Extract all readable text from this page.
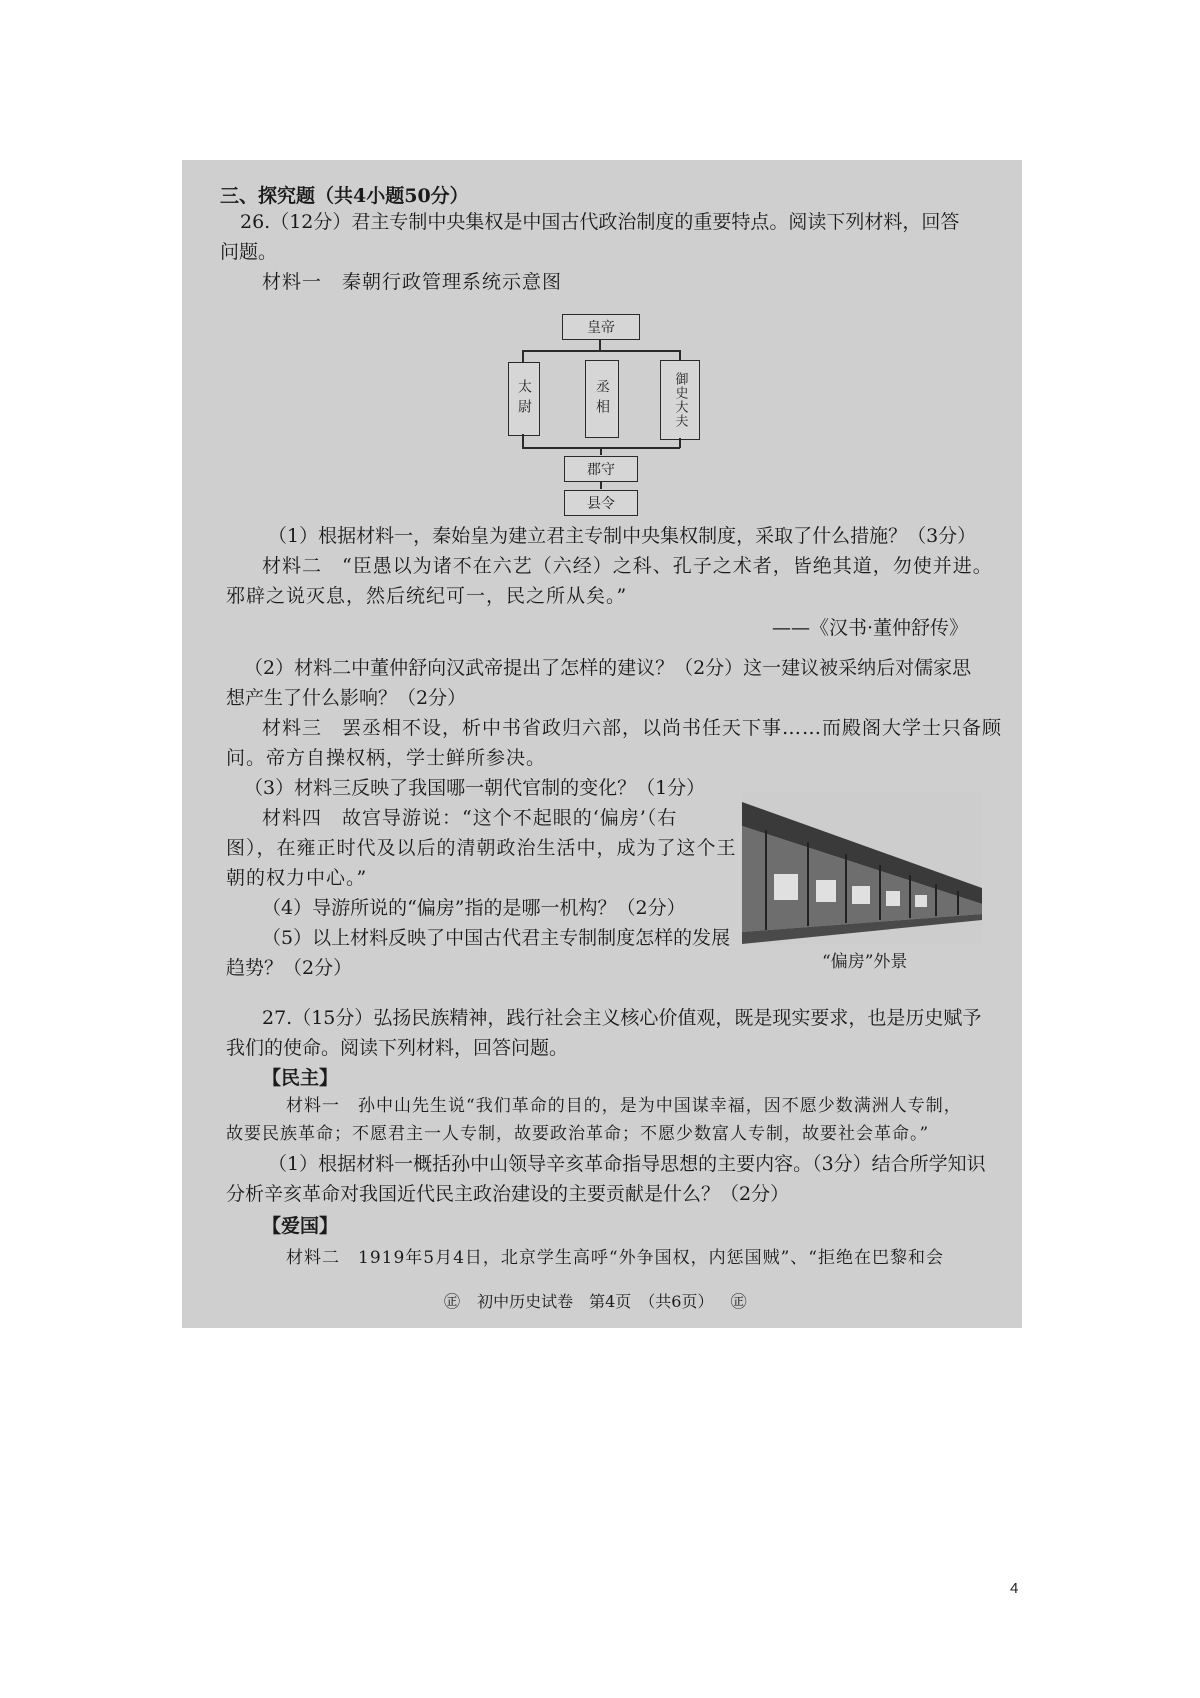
三、探究题（共4小题50分）
26.（12分）君主专制中央集权是中国古代政治制度的重要特点。阅读下列材料，回答
问题。
材料一　秦朝行政管理系统示意图
皇帝
太尉	丞相	御史大夫
郡守
县令
（1）根据材料一，秦始皇为建立君主专制中央集权制度，采取了什么措施？（3分）
材料二　“臣愚以为诸不在六艺（六经）之科、孔子之术者，皆绝其道，勿使并进。
邪辟之说灭息，然后统纪可一，民之所从矣。”
——《汉书·董仲舒传》
（2）材料二中董仲舒向汉武帝提出了怎样的建议？（2分）这一建议被采纳后对儒家思
想产生了什么影响？（2分）
材料三　罢丞相不设，析中书省政归六部，以尚书任天下事……而殿阁大学士只备顾
问。帝方自操权柄，学士鲜所参决。
（3）材料三反映了我国哪一朝代官制的变化？（1分）
材料四　故宫导游说：“这个不起眼的‘偏房’（右
图），在雍正时代及以后的清朝政治生活中，成为了这个王
朝的权力中心。”
（4）导游所说的“偏房”指的是哪一机构？（2分）
（5）以上材料反映了中国古代君主专制制度怎样的发展
趋势？（2分）	“偏房”外景
27.（15分）弘扬民族精神，践行社会主义核心价值观，既是现实要求，也是历史赋予
我们的使命。阅读下列材料，回答问题。
【民主】
材料一　孙中山先生说“我们革命的目的，是为中国谋幸福，因不愿少数满洲人专制，
故要民族革命；不愿君主一人专制，故要政治革命；不愿少数富人专制，故要社会革命。”
（1）根据材料一概括孙中山领导辛亥革命指导思想的主要内容。（3分）结合所学知识
分析辛亥革命对我国近代民主政治建设的主要贡献是什么？（2分）
【爱国】
材料二　1919年5月4日，北京学生高呼“外争国权，内惩国贼”、“拒绝在巴黎和会
㊣ 初中历史试卷　第4页　（共6页） ㊣
4
